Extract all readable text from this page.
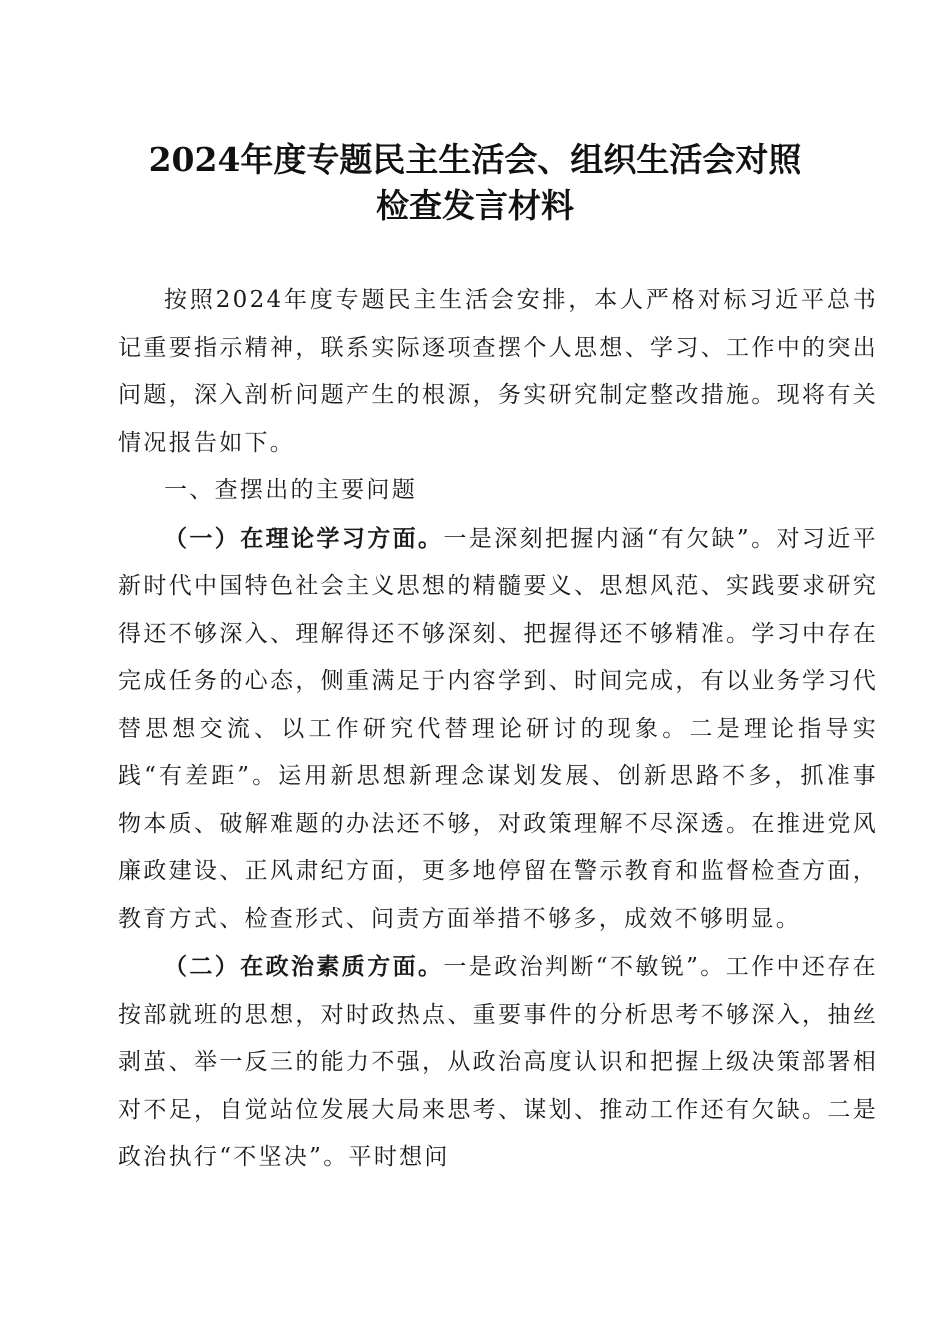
2024年度专题民主生活会、组织生活会对照
检查发言材料

按照2024年度专题民主生活会安排，本人严格对标习近平总书记重要指示精神，联系实际逐项查摆个人思想、学习、工作中的突出问题，深入剖析问题产生的根源，务实研究制定整改措施。现将有关情况报告如下。

一、查摆出的主要问题

（一）在理论学习方面。一是深刻把握内涵“有欠缺”。对习近平新时代中国特色社会主义思想的精髓要义、思想风范、实践要求研究得还不够深入、理解得还不够深刻、把握得还不够精准。学习中存在完成任务的心态，侧重满足于内容学到、时间完成，有以业务学习代替思想交流、以工作研究代替理论研讨的现象。二是理论指导实践“有差距”。运用新思想新理念谋划发展、创新思路不多，抓准事物本质、破解难题的办法还不够，对政策理解不尽深透。在推进党风廉政建设、正风肃纪方面，更多地停留在警示教育和监督检查方面，教育方式、检查形式、问责方面举措不够多，成效不够明显。

（二）在政治素质方面。一是政治判断“不敏锐”。工作中还存在按部就班的思想，对时政热点、重要事件的分析思考不够深入，抽丝剥茧、举一反三的能力不强，从政治高度认识和把握上级决策部署相对不足，自觉站位发展大局来思考、谋划、推动工作还有欠缺。二是政治执行“不坚决”。平时想问
